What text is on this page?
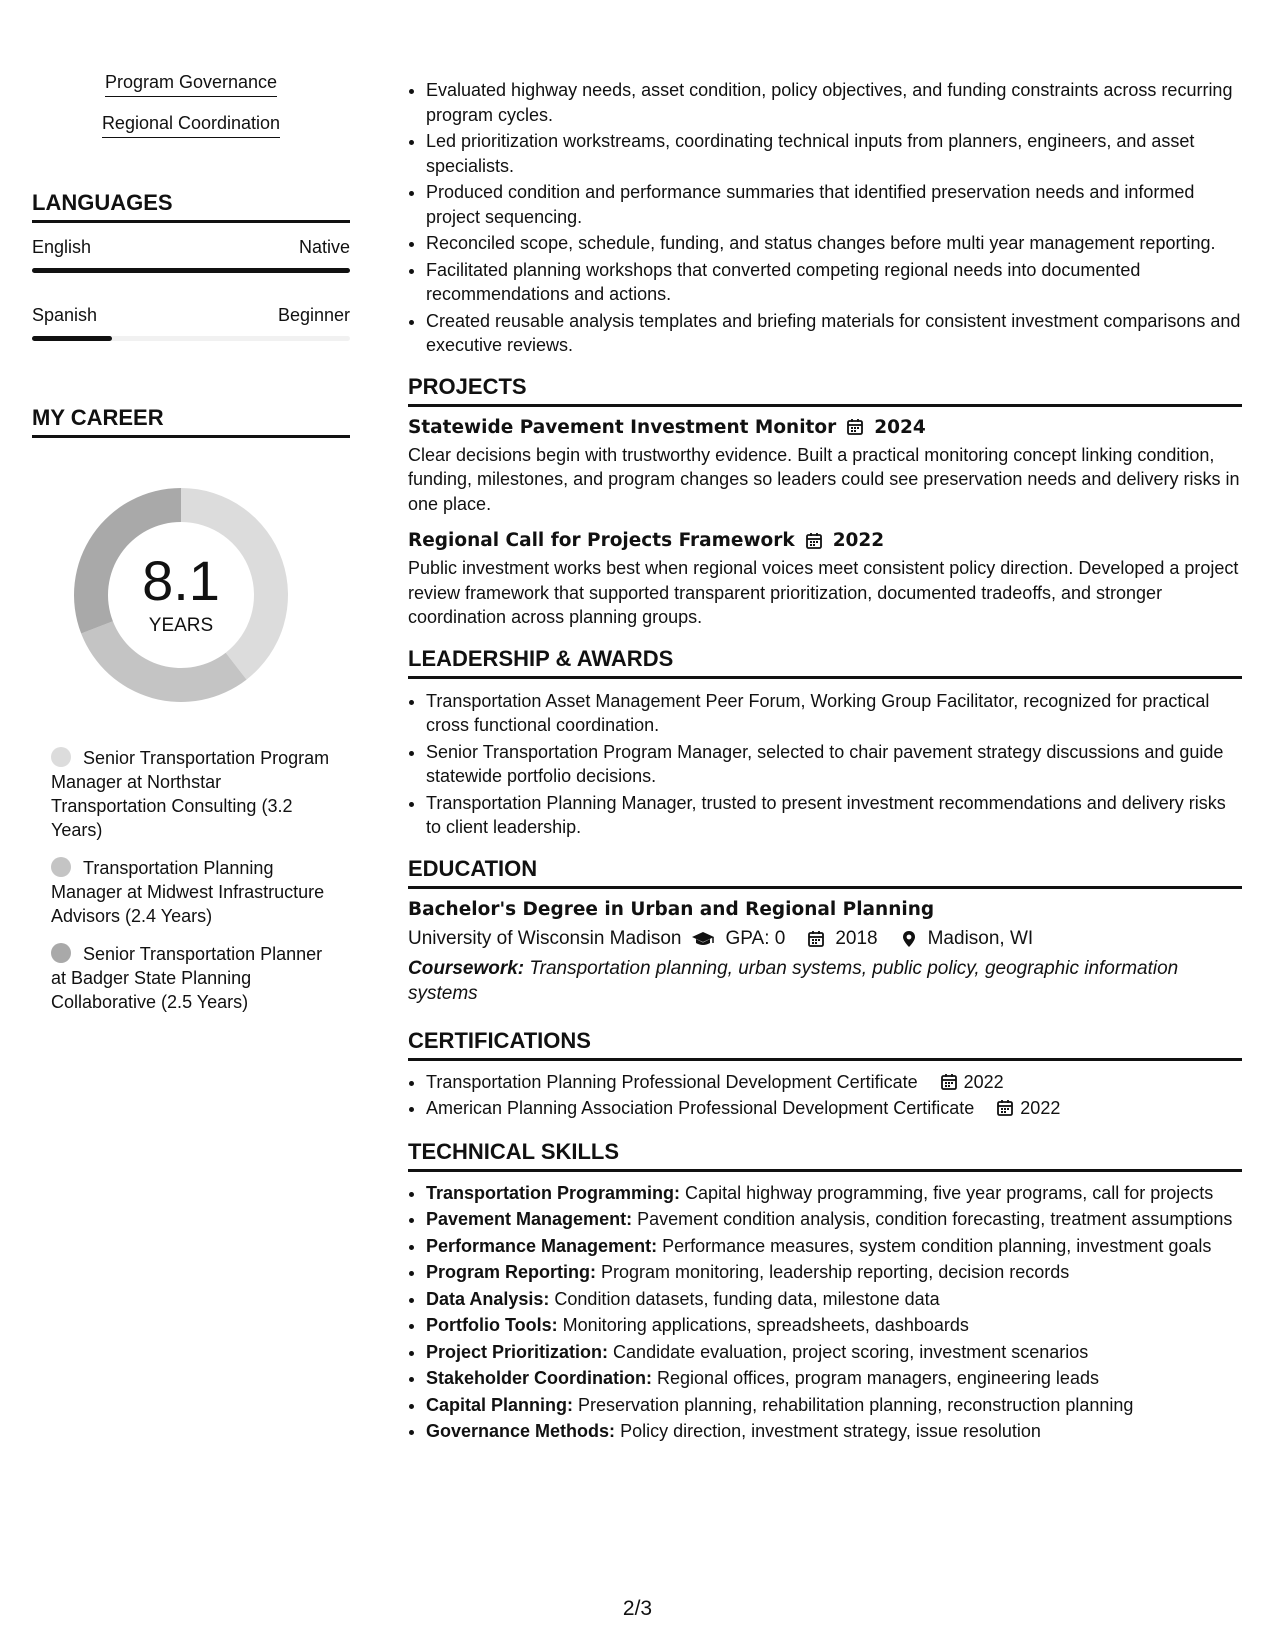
Program Governance
Regional Coordination
LANGUAGES
English	Native
Spanish	Beginner
MY CAREER
8.1
YEARS
Senior Transportation Program Manager at Northstar Transportation Consulting (3.2 Years)
Transportation Planning Manager at Midwest Infrastructure Advisors (2.4 Years)
Senior Transportation Planner at Badger State Planning Collaborative (2.5 Years)
• Evaluated highway needs, asset condition, policy objectives, and funding constraints across recurring program cycles.
• Led prioritization workstreams, coordinating technical inputs from planners, engineers, and asset specialists.
• Produced condition and performance summaries that identified preservation needs and informed project sequencing.
• Reconciled scope, schedule, funding, and status changes before multi year management reporting.
• Facilitated planning workshops that converted competing regional needs into documented recommendations and actions.
• Created reusable analysis templates and briefing materials for consistent investment comparisons and executive reviews.
PROJECTS
Statewide Pavement Investment Monitor 2024
Clear decisions begin with trustworthy evidence. Built a practical monitoring concept linking condition, funding, milestones, and program changes so leaders could see preservation needs and delivery risks in one place.
Regional Call for Projects Framework 2022
Public investment works best when regional voices meet consistent policy direction. Developed a project review framework that supported transparent prioritization, documented tradeoffs, and stronger coordination across planning groups.
LEADERSHIP & AWARDS
• Transportation Asset Management Peer Forum, Working Group Facilitator, recognized for practical cross functional coordination.
• Senior Transportation Program Manager, selected to chair pavement strategy discussions and guide statewide portfolio decisions.
• Transportation Planning Manager, trusted to present investment recommendations and delivery risks to client leadership.
EDUCATION
Bachelor's Degree in Urban and Regional Planning
University of Wisconsin Madison GPA: 0	2018	Madison, WI
Coursework: Transportation planning, urban systems, public policy, geographic information systems
CERTIFICATIONS
• Transportation Planning Professional Development Certificate
	2022
• American Planning Association Professional Development Certificate
	2022
TECHNICAL SKILLS
• Transportation Programming: Capital highway programming, five year programs, call for projects
• Pavement Management: Pavement condition analysis, condition forecasting, treatment assumptions
• Performance Management: Performance measures, system condition planning, investment goals
• Program Reporting: Program monitoring, leadership reporting, decision records
• Data Analysis: Condition datasets, funding data, milestone data
• Portfolio Tools: Monitoring applications, spreadsheets, dashboards
• Project Prioritization: Candidate evaluation, project scoring, investment scenarios
• Stakeholder Coordination: Regional offices, program managers, engineering leads
• Capital Planning: Preservation planning, rehabilitation planning, reconstruction planning
• Governance Methods: Policy direction, investment strategy, issue resolution
2/3
